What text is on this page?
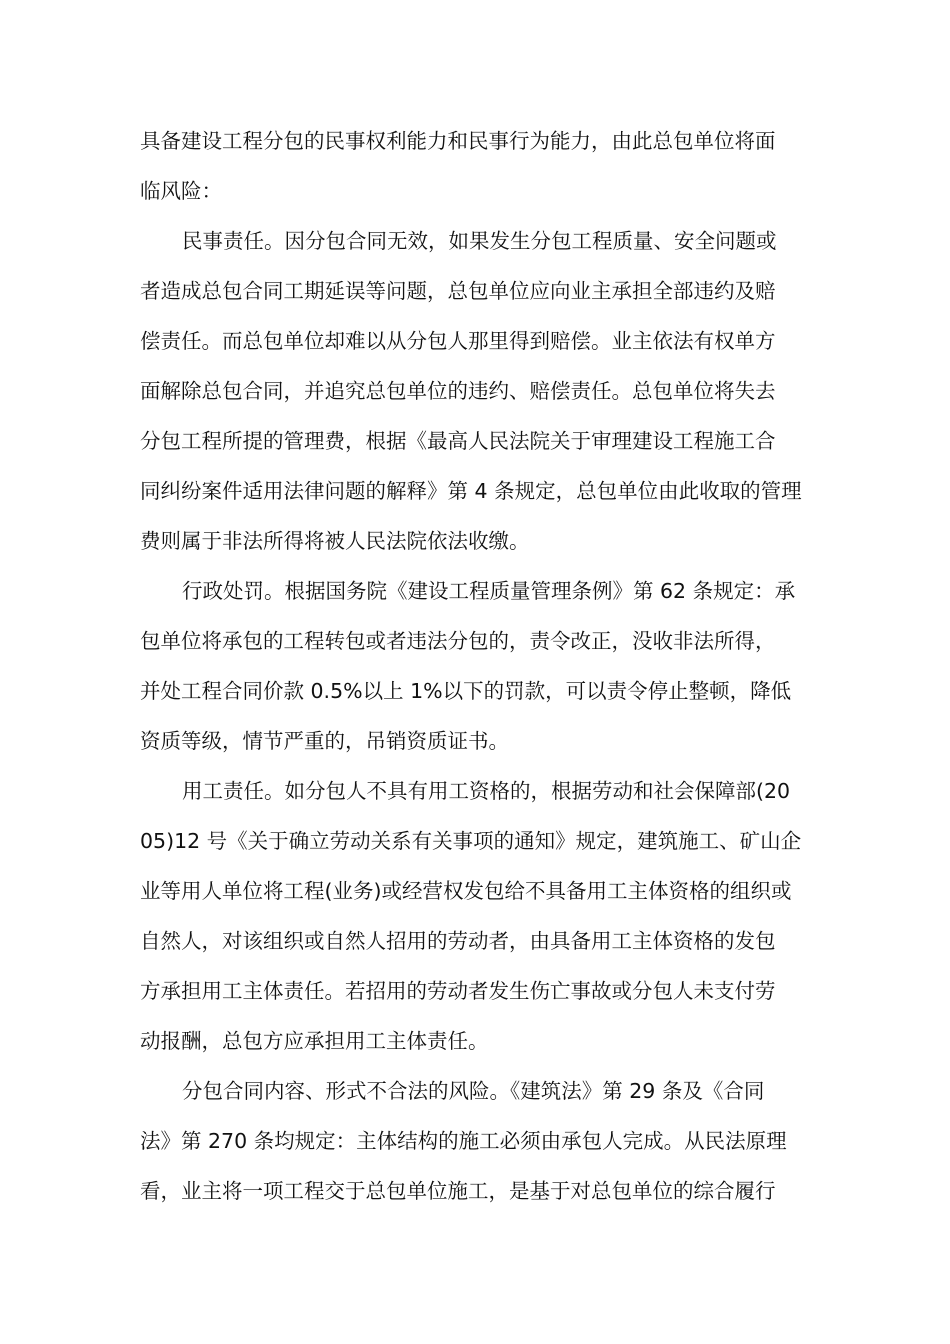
具备建设工程分包的民事权利能力和民事行为能力，由此总包单位将面
临风险：
民事责任。因分包合同无效，如果发生分包工程质量、安全问题或
者造成总包合同工期延误等问题，总包单位应向业主承担全部违约及赔
偿责任。而总包单位却难以从分包人那里得到赔偿。业主依法有权单方
面解除总包合同，并追究总包单位的违约、赔偿责任。总包单位将失去
分包工程所提的管理费，根据《最高人民法院关于审理建设工程施工合
同纠纷案件适用法律问题的解释》第 4 条规定，总包单位由此收取的管理
费则属于非法所得将被人民法院依法收缴。
行政处罚。根据国务院《建设工程质量管理条例》第 62 条规定：承
包单位将承包的工程转包或者违法分包的，责令改正，没收非法所得，
并处工程合同价款 0.5%以上 1%以下的罚款，可以责令停止整顿，降低
资质等级，情节严重的，吊销资质证书。
用工责任。如分包人不具有用工资格的，根据劳动和社会保障部(20
05)12 号《关于确立劳动关系有关事项的通知》规定，建筑施工、矿山企
业等用人单位将工程(业务)或经营权发包给不具备用工主体资格的组织或
自然人，对该组织或自然人招用的劳动者，由具备用工主体资格的发包
方承担用工主体责任。若招用的劳动者发生伤亡事故或分包人未支付劳
动报酬，总包方应承担用工主体责任。
分包合同内容、形式不合法的风险。《建筑法》第 29 条及《合同
法》第 270 条均规定：主体结构的施工必须由承包人完成。从民法原理
看，业主将一项工程交于总包单位施工，是基于对总包单位的综合履行
